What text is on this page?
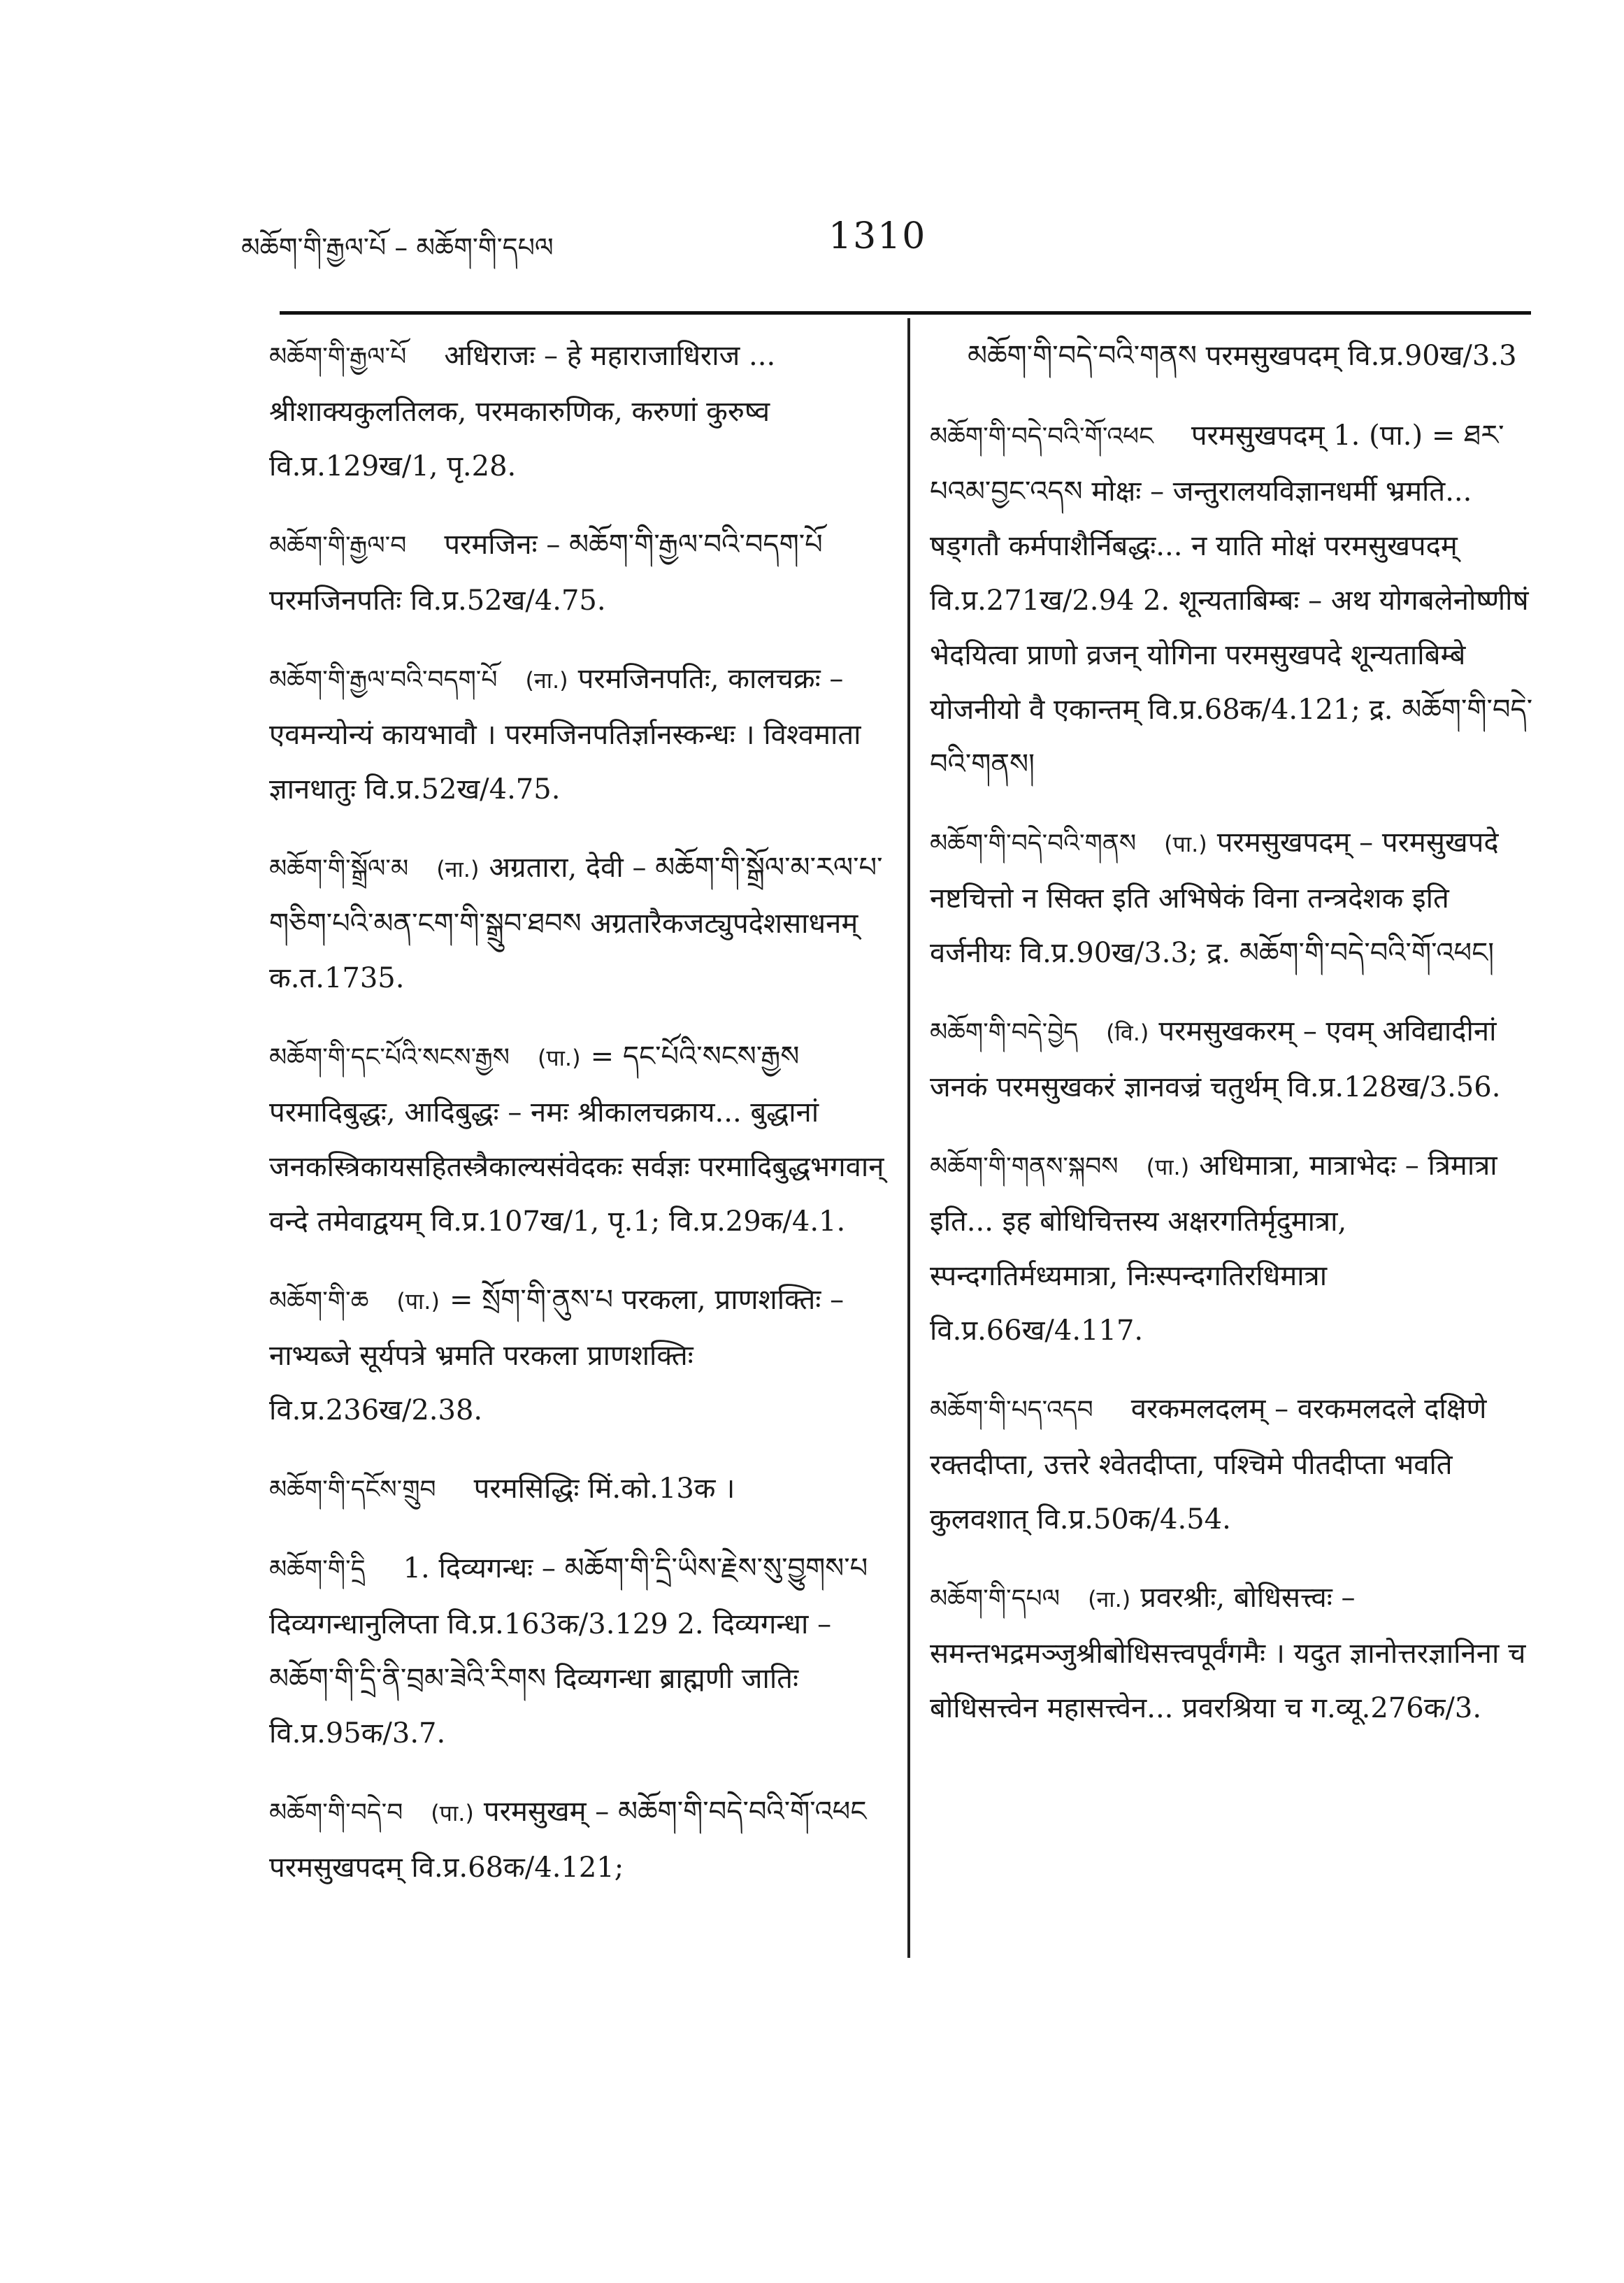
མཆོག་གི་རྒྱལ་པོ – མཆོག་གི་དཔལ	1310
མཆོག་གི་རྒྱལ་པོ अधिराजः – हे महाराजाधिराज ... श्रीशाक्यकुलतिलक, परमकारुणिक, करुणां कुरुष्व वि.प्र.129ख/1, पृ.28.
མཆོག་གི་རྒྱལ་བ परमजिनः – མཆོག་གི་རྒྱལ་བའི་བདག་པོ परमजिनपतिः वि.प्र.52ख/4.75.
མཆོག་གི་རྒྱལ་བའི་བདག་པོ (ना.) परमजिनपतिः, कालचक्रः – एवमन्योन्यं कायभावौ । परमजिनपतिर्ज्ञानस्कन्धः । विश्वमाता ज्ञानधातुः वि.प्र.52ख/4.75.
མཆོག་གི་སྒྲོལ་མ (ना.) अग्रतारा, देवी – མཆོག་གི་སྒྲོལ་མ་རལ་པ་གཅིག་པའི་མན་ངག་གི་སྒྲུབ་ཐབས अग्रतारैकजट्युपदेशसाधनम् क.त.1735.
མཆོག་གི་དང་པོའི་སངས་རྒྱས (पा.) = དང་པོའི་སངས་རྒྱས परमादिबुद्धः, आदिबुद्धः – नमः श्रीकालचक्राय... बुद्धानां जनकस्त्रिकायसहितस्त्रैकाल्यसंवेदकः सर्वज्ञः परमादिबुद्धभगवान् वन्दे तमेवाद्वयम् वि.प्र.107ख/1, पृ.1; वि.प्र.29क/4.1.
མཆོག་གི་ཆ (पा.) = སྲོག་གི་ནུས་པ परकला, प्राणशक्तिः – नाभ्यब्जे सूर्यपत्रे भ्रमति परकला प्राणशक्तिः वि.प्र.236ख/2.38.
མཆོག་གི་དངོས་གྲུབ परमसिद्धिः मिं.को.13क ।
མཆོག་གི་དྲི 1. दिव्यगन्धः – མཆོག་གི་དྲི་ཡིས་རྗེས་སུ་བྱུགས་པ दिव्यगन्धानुलिप्ता वि.प्र.163क/3.129 2. दिव्यगन्धा – མཆོག་གི་དྲི་ནི་བྲམ་ཟེའི་རིགས दिव्यगन्धा ब्राह्मणी जातिः वि.प्र.95क/3.7.
མཆོག་གི་བདེ་བ (पा.) परमसुखम् – མཆོག་གི་བདེ་བའི་གོ་འཕང परमसुखपदम् वि.प्र.68क/4.121;
མཆོག་གི་བདེ་བའི་གནས परमसुखपदम् वि.प्र.90ख/3.3
མཆོག་གི་བདེ་བའི་གོ་འཕང परमसुखपदम् 1. (पा.) = ཐར་པའམ་བྱང་འདས मोक्षः – जन्तुरालयविज्ञानधर्मी भ्रमति... षड्गतौ कर्मपाशैर्निबद्धः... न याति मोक्षं परमसुखपदम् वि.प्र.271ख/2.94 2. शून्यताबिम्बः – अथ योगबलेनोष्णीषं भेदयित्वा प्राणो व्रजन् योगिना परमसुखपदे शून्यताबिम्बे योजनीयो वै एकान्तम् वि.प्र.68क/4.121; द्र. མཆོག་གི་བདེ་བའི་གནས།
མཆོག་གི་བདེ་བའི་གནས (पा.) परमसुखपदम् – परमसुखपदे नष्टचित्तो न सिक्त इति अभिषेकं विना तन्त्रदेशक इति वर्जनीयः वि.प्र.90ख/3.3; द्र. མཆོག་གི་བདེ་བའི་གོ་འཕང།
མཆོག་གི་བདེ་བྱེད (वि.) परमसुखकरम् – एवम् अविद्यादीनां जनकं परमसुखकरं ज्ञानवज्रं चतुर्थम् वि.प्र.128ख/3.56.
མཆོག་གི་གནས་སྐབས (पा.) अधिमात्रा, मात्राभेदः – त्रिमात्रा इति... इह बोधिचित्तस्य अक्षरगतिर्मृदुमात्रा, स्पन्दगतिर्मध्यमात्रा, निःस्पन्दगतिरधिमात्रा वि.प्र.66ख/4.117.
མཆོག་གི་པད་འདབ वरकमलदलम् – वरकमलदले दक्षिणे रक्तदीप्ता, उत्तरे श्वेतदीप्ता, पश्चिमे पीतदीप्ता भवति कुलवशात् वि.प्र.50क/4.54.
མཆོག་གི་དཔལ (ना.) प्रवरश्रीः, बोधिसत्त्वः – समन्तभद्रमञ्जुश्रीबोधिसत्त्वपूर्वंगमैः । यदुत ज्ञानोत्तरज्ञानिना च बोधिसत्त्वेन महासत्त्वेन... प्रवरश्रिया च ग.व्यू.276क/3.
